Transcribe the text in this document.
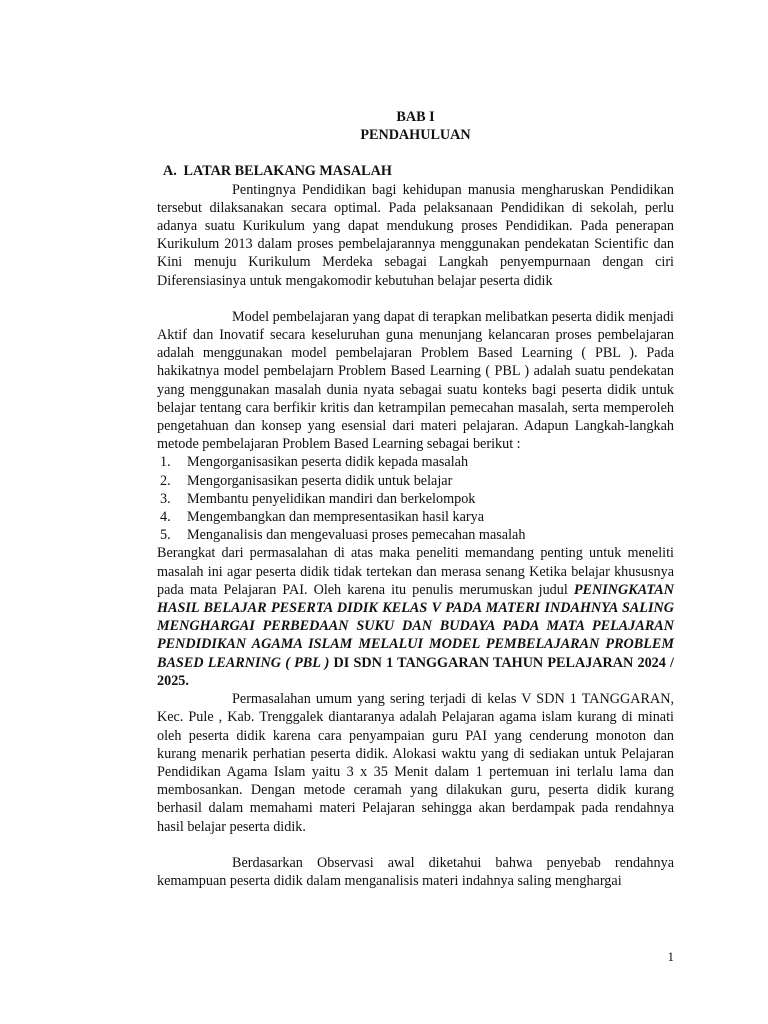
BAB I
PENDAHULUAN
A. LATAR BELAKANG MASALAH

Pentingnya Pendidikan bagi kehidupan manusia mengharuskan Pendidikan tersebut dilaksanakan secara optimal. Pada pelaksanaan Pendidikan di sekolah, perlu adanya suatu Kurikulum yang dapat mendukung proses Pendidikan. Pada penerapan Kurikulum 2013 dalam proses pembelajarannya menggunakan pendekatan Scientific dan Kini menuju Kurikulum Merdeka sebagai Langkah penyempurnaan dengan ciri Diferensiasinya untuk mengakomodir kebutuhan belajar peserta didik

Model pembelajaran yang dapat di terapkan melibatkan peserta didik menjadi Aktif dan Inovatif secara keseluruhan guna menunjang kelancaran proses pembelajaran adalah menggunakan model pembelajaran Problem Based Learning ( PBL ). Pada hakikatnya model pembelajarn Problem Based Learning ( PBL ) adalah suatu pendekatan yang menggunakan masalah dunia nyata sebagai suatu konteks bagi peserta didik untuk belajar tentang cara berfikir kritis dan ketrampilan pemecahan masalah, serta memperoleh pengetahuan dan konsep yang esensial dari materi pelajaran. Adapun Langkah-langkah metode pembelajaran Problem Based Learning sebagai berikut :

1.	Mengorganisasikan peserta didik kepada masalah
2.	Mengorganisasikan peserta didik untuk belajar
3.	Membantu penyelidikan mandiri dan berkelompok
4.	Mengembangkan dan mempresentasikan hasil karya
5.	Menganalisis dan mengevaluasi proses pemecahan masalah

Berangkat dari permasalahan di atas maka peneliti memandang penting untuk meneliti masalah ini agar peserta didik tidak tertekan dan merasa senang Ketika belajar khususnya pada mata Pelajaran PAI. Oleh karena itu penulis merumuskan judul PENINGKATAN HASIL BELAJAR PESERTA DIDIK KELAS V PADA MATERI INDAHNYA SALING MENGHARGAI PERBEDAAN SUKU DAN BUDAYA PADA MATA PELAJARAN PENDIDIKAN AGAMA ISLAM MELALUI MODEL PEMBELAJARAN PROBLEM BASED LEARNING ( PBL ) DI SDN 1 TANGGARAN TAHUN PELAJARAN 2024 / 2025.

Permasalahan umum yang sering terjadi di kelas V SDN 1 TANGGARAN, Kec. Pule , Kab. Trenggalek diantaranya adalah Pelajaran agama islam kurang di minati oleh peserta didik karena cara penyampaian guru PAI yang cenderung monoton dan kurang menarik perhatian peserta didik. Alokasi waktu yang di sediakan untuk Pelajaran Pendidikan Agama Islam yaitu 3 x 35 Menit dalam 1 pertemuan ini terlalu lama dan membosankan. Dengan metode ceramah yang dilakukan guru, peserta didik kurang berhasil dalam memahami materi Pelajaran sehingga akan berdampak pada rendahnya hasil belajar peserta didik.

Berdasarkan Observasi awal diketahui bahwa penyebab rendahnya kemampuan peserta didik dalam menganalisis materi indahnya saling menghargai

1
